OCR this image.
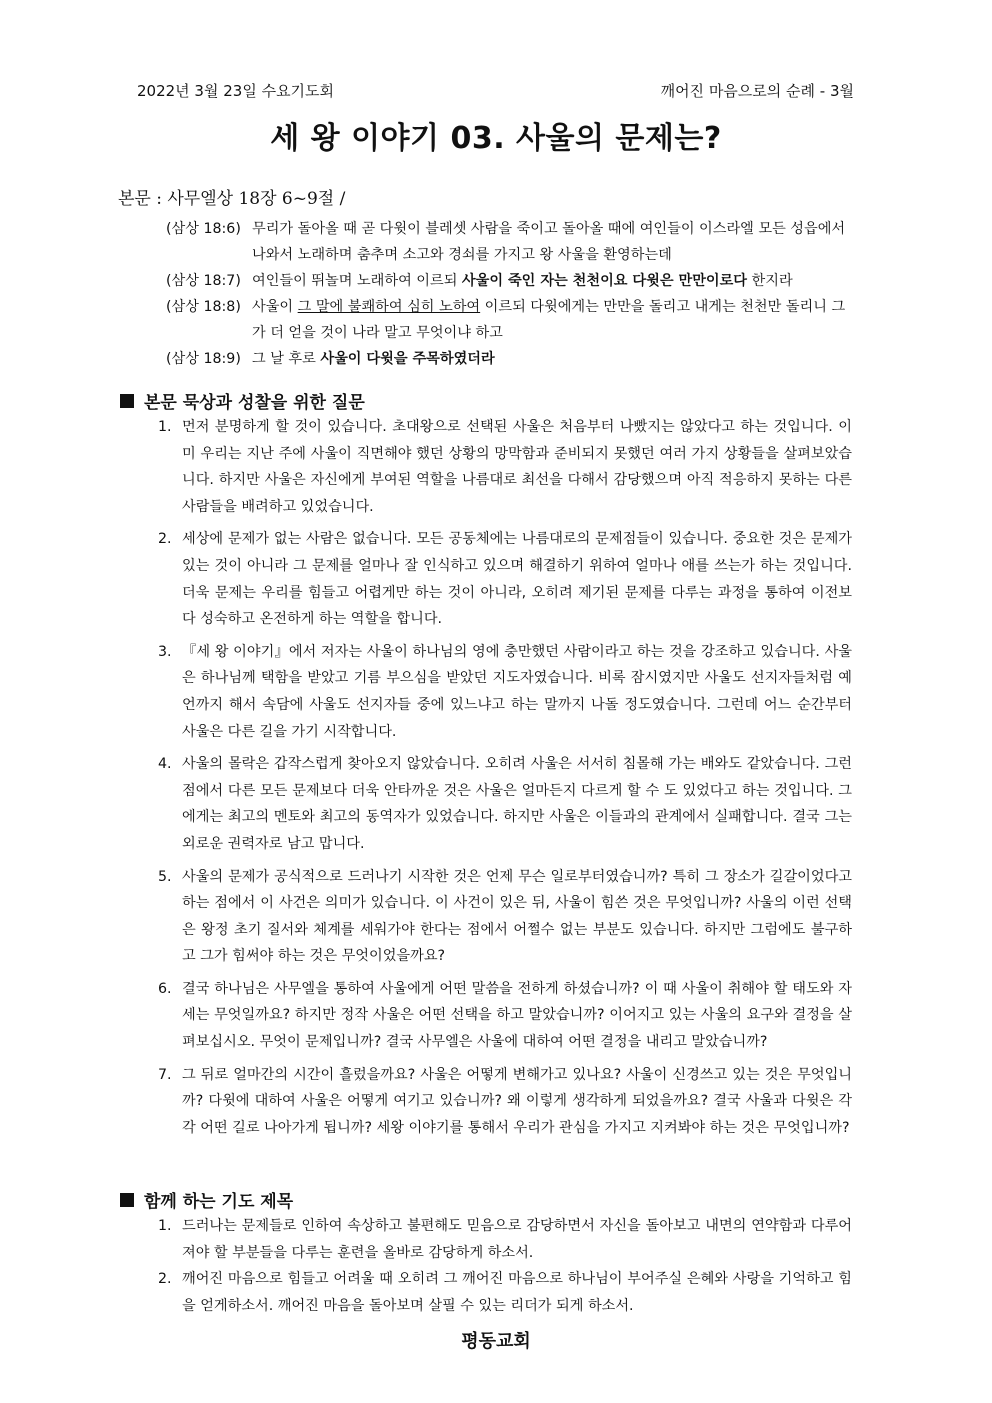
2022년 3월 23일 수요기도회	깨어진 마음으로의 순례 - 3월
세 왕 이야기 03. 사울의 문제는?
본문 : 사무엘상 18장 6~9절 /
(삼상 18:6) 무리가 돌아올 때 곧 다윗이 블레셋 사람을 죽이고 돌아올 때에 여인들이 이스라엘 모든 성읍에서 나와서 노래하며 춤추며 소고와 경쇠를 가지고 왕 사울을 환영하는데
(삼상 18:7) 여인들이 뛰놀며 노래하여 이르되 사울이 죽인 자는 천천이요 다윗은 만만이로다 한지라
(삼상 18:8) 사울이 그 말에 불쾌하여 심히 노하여 이르되 다윗에게는 만만을 돌리고 내게는 천천만 돌리니 그가 더 얻을 것이 나라 말고 무엇이냐 하고
(삼상 18:9) 그 날 후로 사울이 다윗을 주목하였더라
본문 묵상과 성찰을 위한 질문
1. 먼저 분명하게 할 것이 있습니다. 초대왕으로 선택된 사울은 처음부터 나빴지는 않았다고 하는 것입니다. 이미 우리는 지난 주에 사울이 직면해야 했던 상황의 망막함과 준비되지 못했던 여러 가지 상황들을 살펴보았습니다. 하지만 사울은 자신에게 부여된 역할을 나름대로 최선을 다해서 감당했으며 아직 적응하지 못하는 다른 사람들을 배려하고 있었습니다.
2. 세상에 문제가 없는 사람은 없습니다. 모든 공동체에는 나름대로의 문제점들이 있습니다. 중요한 것은 문제가 있는 것이 아니라 그 문제를 얼마나 잘 인식하고 있으며 해결하기 위하여 얼마나 애를 쓰는가 하는 것입니다. 더욱 문제는 우리를 힘들고 어렵게만 하는 것이 아니라, 오히려 제기된 문제를 다루는 과정을 통하여 이전보다 성숙하고 온전하게 하는 역할을 합니다.
3. 『세 왕 이야기』에서 저자는 사울이 하나님의 영에 충만했던 사람이라고 하는 것을 강조하고 있습니다. 사울은 하나님께 택함을 받았고 기름 부으심을 받았던 지도자였습니다. 비록 잠시였지만 사울도 선지자들처럼 예언까지 해서 속담에 사울도 선지자들 중에 있느냐고 하는 말까지 나돌 정도였습니다. 그런데 어느 순간부터 사울은 다른 길을 가기 시작합니다.
4. 사울의 몰락은 갑작스럽게 찾아오지 않았습니다. 오히려 사울은 서서히 침몰해 가는 배와도 같았습니다. 그런 점에서 다른 모든 문제보다 더욱 안타까운 것은 사울은 얼마든지 다르게 할 수 도 있었다고 하는 것입니다. 그에게는 최고의 멘토와 최고의 동역자가 있었습니다. 하지만 사울은 이들과의 관계에서 실패합니다. 결국 그는 외로운 권력자로 남고 맙니다.
5. 사울의 문제가 공식적으로 드러나기 시작한 것은 언제 무슨 일로부터였습니까? 특히 그 장소가 길갈이었다고 하는 점에서 이 사건은 의미가 있습니다. 이 사건이 있은 뒤, 사울이 힘쓴 것은 무엇입니까? 사울의 이런 선택은 왕정 초기 질서와 체계를 세워가야 한다는 점에서 어쩔수 없는 부분도 있습니다. 하지만 그럼에도 불구하고 그가 힘써야 하는 것은 무엇이었을까요?
6. 결국 하나님은 사무엘을 통하여 사울에게 어떤 말씀을 전하게 하셨습니까? 이 때 사울이 취해야 할 태도와 자세는 무엇일까요? 하지만 정작 사울은 어떤 선택을 하고 말았습니까? 이어지고 있는 사울의 요구와 결정을 살펴보십시오. 무엇이 문제입니까? 결국 사무엘은 사울에 대하여 어떤 결정을 내리고 말았습니까?
7. 그 뒤로 얼마간의 시간이 흘렀을까요? 사울은 어떻게 변해가고 있나요? 사울이 신경쓰고 있는 것은 무엇입니까? 다윗에 대하여 사울은 어떻게 여기고 있습니까? 왜 이렇게 생각하게 되었을까요? 결국 사울과 다윗은 각각 어떤 길로 나아가게 됩니까? 세왕 이야기를 통해서 우리가 관심을 가지고 지켜봐야 하는 것은 무엇입니까?
함께 하는 기도 제목
1. 드러나는 문제들로 인하여 속상하고 불편해도 믿음으로 감당하면서 자신을 돌아보고 내면의 연약함과 다루어져야 할 부분들을 다루는 훈련을 올바로 감당하게 하소서.
2. 깨어진 마음으로 힘들고 어려울 때 오히려 그 깨어진 마음으로 하나님이 부어주실 은혜와 사랑을 기억하고 힘을 얻게하소서. 깨어진 마음을 돌아보며 살필 수 있는 리더가 되게 하소서.
평동교회
